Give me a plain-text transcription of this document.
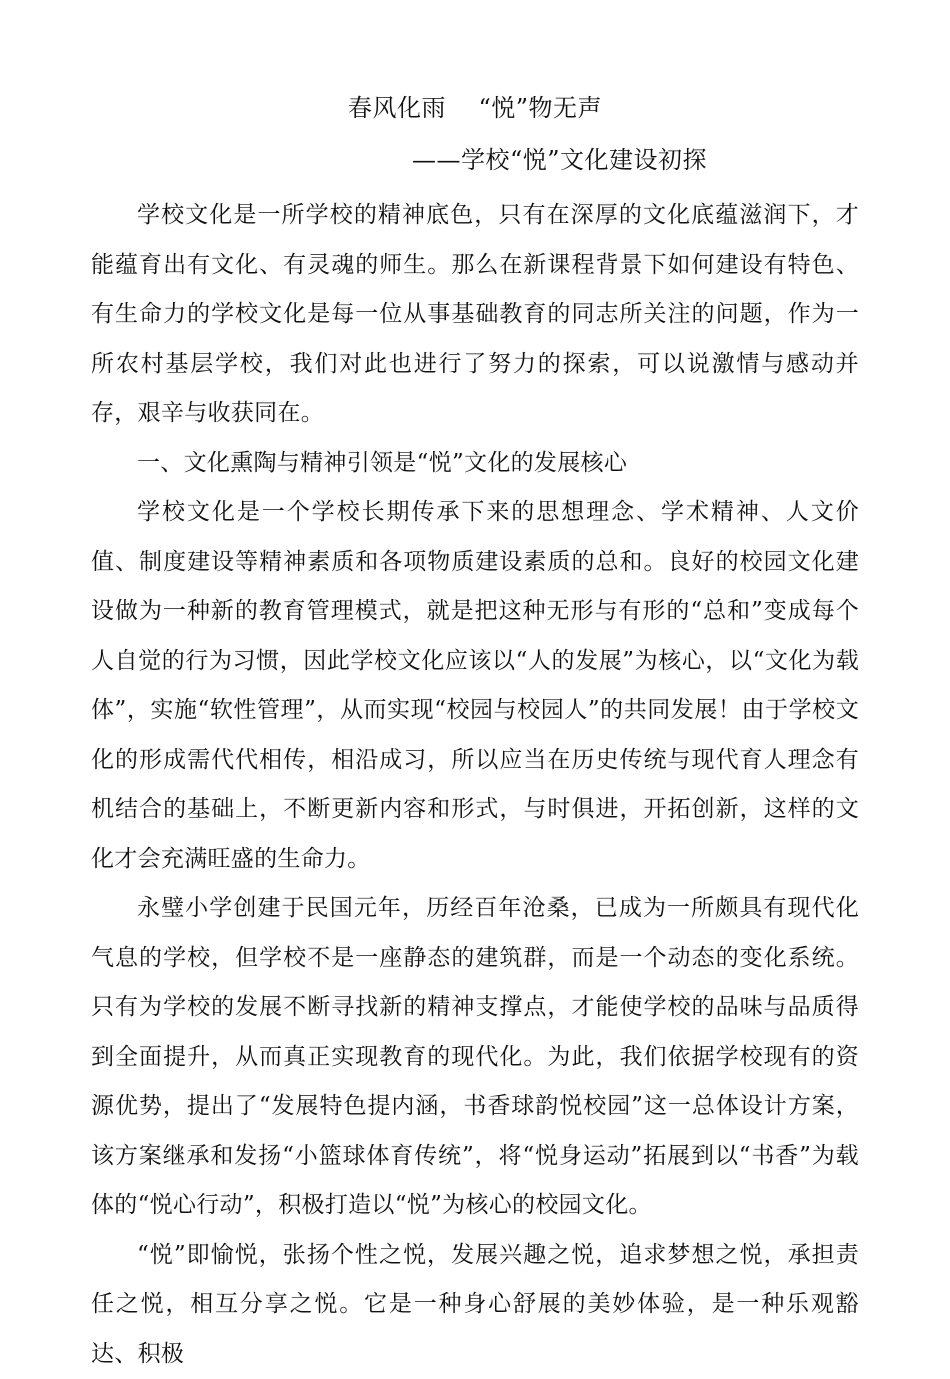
春风化雨    “悦”物无声
——学校“悦”文化建设初探

学校文化是一所学校的精神底色，只有在深厚的文化底蕴滋润下，才能蕴育出有文化、有灵魂的师生。那么在新课程背景下如何建设有特色、有生命力的学校文化是每一位从事基础教育的同志所关注的问题，作为一所农村基层学校，我们对此也进行了努力的探索，可以说激情与感动并存，艰辛与收获同在。

一、文化熏陶与精神引领是“悦”文化的发展核心

学校文化是一个学校长期传承下来的思想理念、学术精神、人文价值、制度建设等精神素质和各项物质建设素质的总和。良好的校园文化建设做为一种新的教育管理模式，就是把这种无形与有形的“总和”变成每个人自觉的行为习惯，因此学校文化应该以“人的发展”为核心，以“文化为载体”，实施“软性管理”，从而实现“校园与校园人”的共同发展！由于学校文化的形成需代代相传，相沿成习，所以应当在历史传统与现代育人理念有机结合的基础上，不断更新内容和形式，与时俱进，开拓创新，这样的文化才会充满旺盛的生命力。

永璧小学创建于民国元年，历经百年沧桑，已成为一所颇具有现代化气息的学校，但学校不是一座静态的建筑群，而是一个动态的变化系统。只有为学校的发展不断寻找新的精神支撑点，才能使学校的品味与品质得到全面提升，从而真正实现教育的现代化。为此，我们依据学校现有的资源优势，提出了“发展特色提内涵，书香球韵悦校园”这一总体设计方案，该方案继承和发扬“小篮球体育传统”，将“悦身运动”拓展到以“书香”为载体的“悦心行动”，积极打造以“悦”为核心的校园文化。

“悦”即愉悦，张扬个性之悦，发展兴趣之悦，追求梦想之悦，承担责任之悦，相互分享之悦。它是一种身心舒展的美妙体验，是一种乐观豁达、积极
